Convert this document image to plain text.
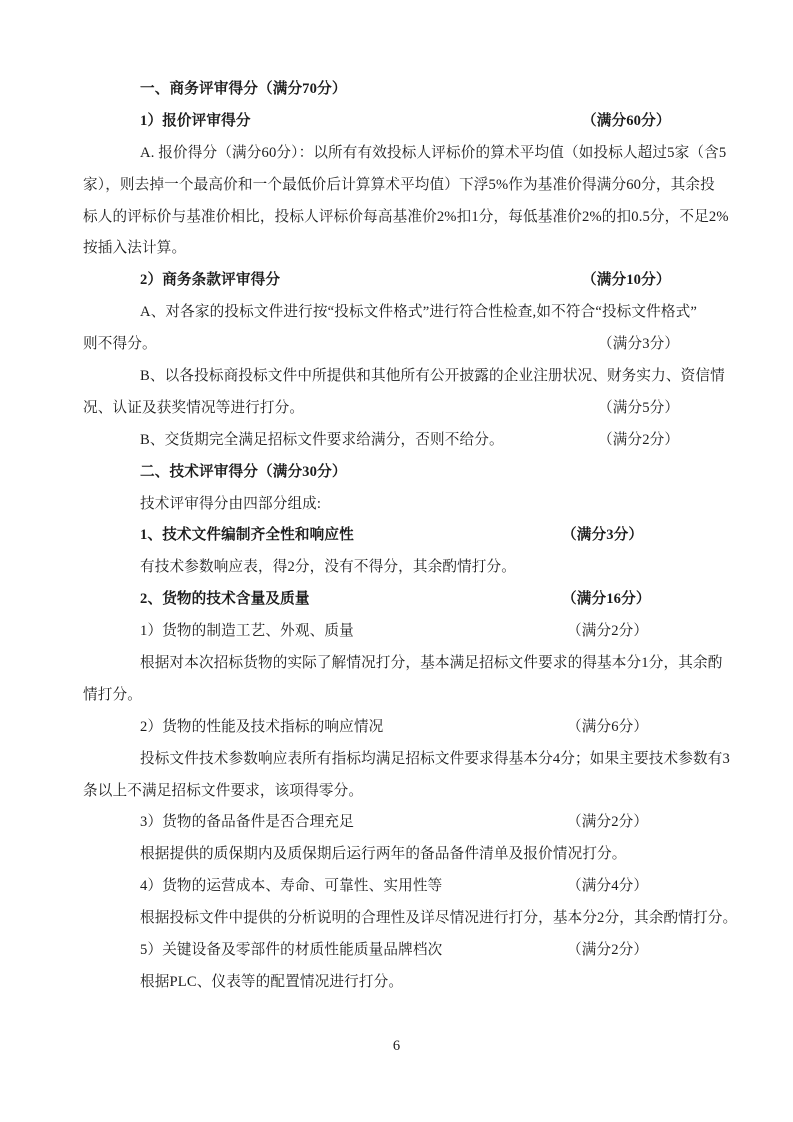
一、商务评审得分（满分70分）
1）报价评审得分	（满分60分）
A. 报价得分（满分60分）：以所有有效投标人评标价的算术平均值（如投标人超过5家（含5
家），则去掉一个最高价和一个最低价后计算算术平均值）下浮5%作为基准价得满分60分，其余投
标人的评标价与基准价相比，投标人评标价每高基准价2%扣1分，每低基准价2%的扣0.5分，不足2%
按插入法计算。
2）商务条款评审得分	（满分10分）
A、对各家的投标文件进行按“投标文件格式”进行符合性检查,如不符合“投标文件格式”
则不得分。	（满分3分）
B、以各投标商投标文件中所提供和其他所有公开披露的企业注册状况、财务实力、资信情
况、认证及获奖情况等进行打分。	（满分5分）
B、交货期完全满足招标文件要求给满分，否则不给分。	（满分2分）
二、技术评审得分（满分30分）
技术评审得分由四部分组成:
1、技术文件编制齐全性和响应性	（满分3分）
有技术参数响应表，得2分，没有不得分，其余酌情打分。
2、货物的技术含量及质量	（满分16分）
1）货物的制造工艺、外观、质量	（满分2分）
根据对本次招标货物的实际了解情况打分，基本满足招标文件要求的得基本分1分，其余酌
情打分。
2）货物的性能及技术指标的响应情况	（满分6分）
投标文件技术参数响应表所有指标均满足招标文件要求得基本分4分；如果主要技术参数有3
条以上不满足招标文件要求，该项得零分。
3）货物的备品备件是否合理充足	（满分2分）
根据提供的质保期内及质保期后运行两年的备品备件清单及报价情况打分。
4）货物的运营成本、寿命、可靠性、实用性等	（满分4分）
根据投标文件中提供的分析说明的合理性及详尽情况进行打分，基本分2分，其余酌情打分。
5）关键设备及零部件的材质性能质量品牌档次	（满分2分）
根据PLC、仪表等的配置情况进行打分。
6
